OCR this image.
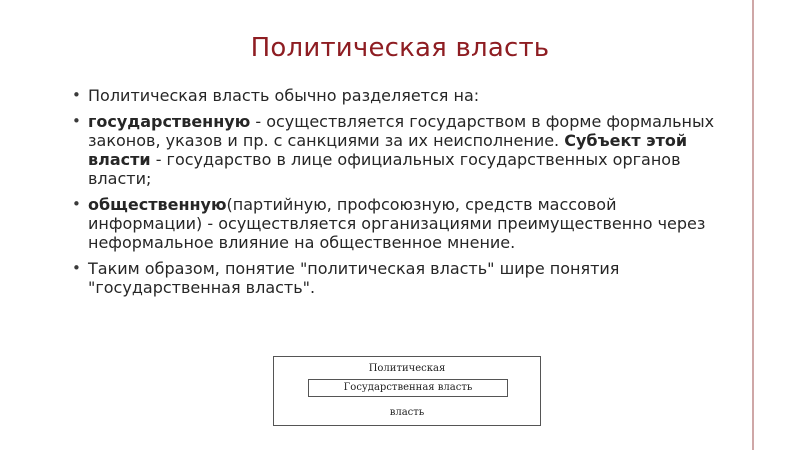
Политическая власть
• Политическая власть обычно разделяется на:
• государственную - осуществляется государством в форме формальных законов, указов и пр. с санкциями за их неисполнение. Субъект этой власти - государство в лице официальных государственных органов власти;
• общественную(партийную, профсоюзную, средств массовой информации) - осуществляется организациями преимущественно через неформальное влияние на общественное мнение.
• Таким образом, понятие "политическая власть" шире понятия "государственная власть".
Политическая
Государственная власть
власть
